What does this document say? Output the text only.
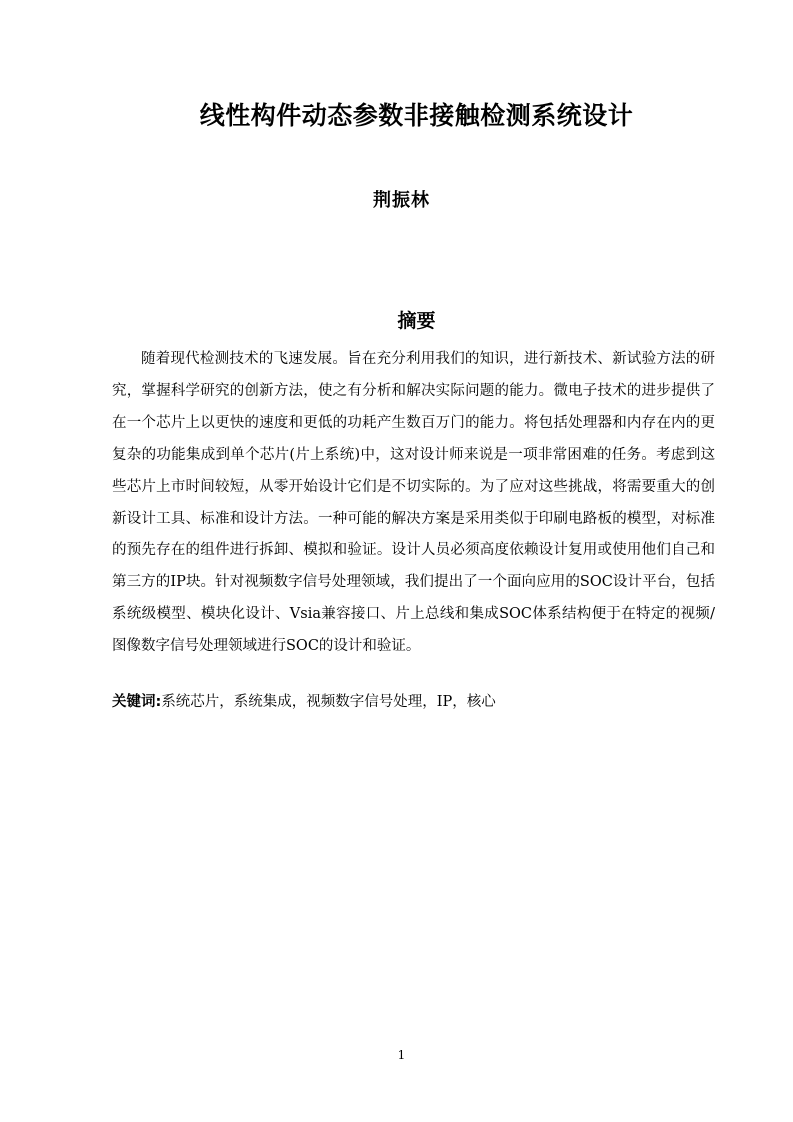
线性构件动态参数非接触检测系统设计
荆振林
摘要

随着现代检测技术的飞速发展。旨在充分利用我们的知识，进行新技术、新试验方法的研究，掌握科学研究的创新方法，使之有分析和解决实际问题的能力。微电子技术的进步提供了在一个芯片上以更快的速度和更低的功耗产生数百万门的能力。将包括处理器和内存在内的更复杂的功能集成到单个芯片(片上系统)中，这对设计师来说是一项非常困难的任务。考虑到这些芯片上市时间较短，从零开始设计它们是不切实际的。为了应对这些挑战，将需要重大的创新设计工具、标准和设计方法。一种可能的解决方案是采用类似于印刷电路板的模型，对标准的预先存在的组件进行拆卸、模拟和验证。设计人员必须高度依赖设计复用或使用他们自己和第三方的IP块。针对视频数字信号处理领域，我们提出了一个面向应用的SOC设计平台，包括系统级模型、模块化设计、Vsia兼容接口、片上总线和集成SOC体系结构便于在特定的视频/图像数字信号处理领域进行SOC的设计和验证。

关键词:系统芯片，系统集成，视频数字信号处理，IP，核心
1
